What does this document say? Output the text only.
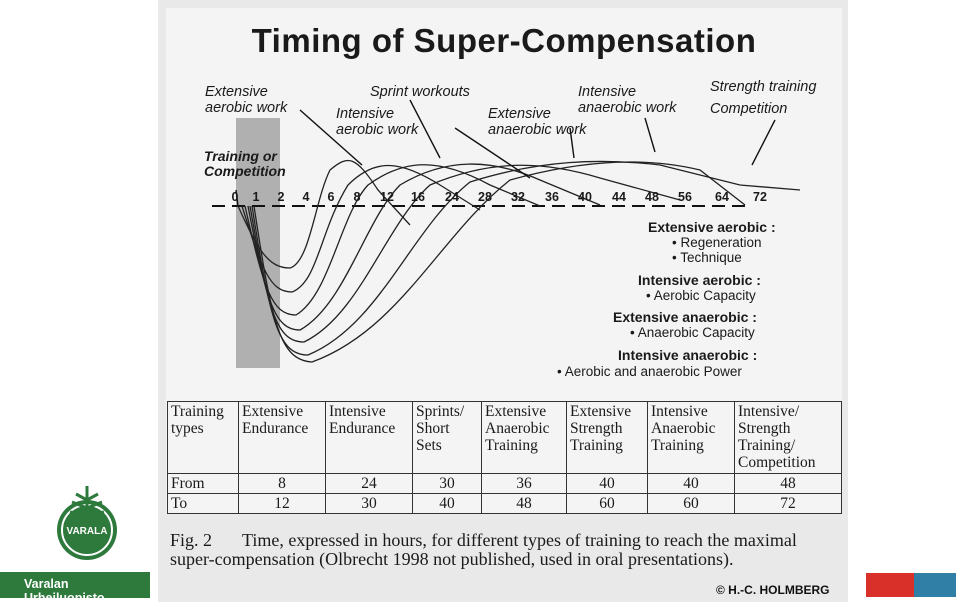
Timing of Super-Compensation
Extensive
aerobic work
Sprint workouts
Intensive
aerobic work
Extensive
anaerobic work
Intensive
anaerobic work
Strength training
Competition
Training or
Competition
0 1 2 4 6 8 12 16 24 28 32 36 40 44 48 56 64 72
Extensive aerobic :
• Regeneration
• Technique
Intensive aerobic :
• Aerobic Capacity
Extensive anaerobic :
• Anaerobic Capacity
Intensive anaerobic :
• Aerobic and anaerobic Power
Training types	Extensive Endurance	Intensive Endurance	Sprints/ Short Sets	Extensive Anaerobic Training	Extensive Strength Training	Intensive Anaerobic Training	Intensive/ Strength Training/ Competition
From	8	24	30	36	40	40	48
To	12	30	40	48	60	60	72
Fig. 2 Time, expressed in hours, for different types of training to reach the maximal super-compensation (Olbrecht 1998 not published, used in oral presentations).
VARALA
Varalan Urheiluopisto
© H.-C. HOLMBERG
